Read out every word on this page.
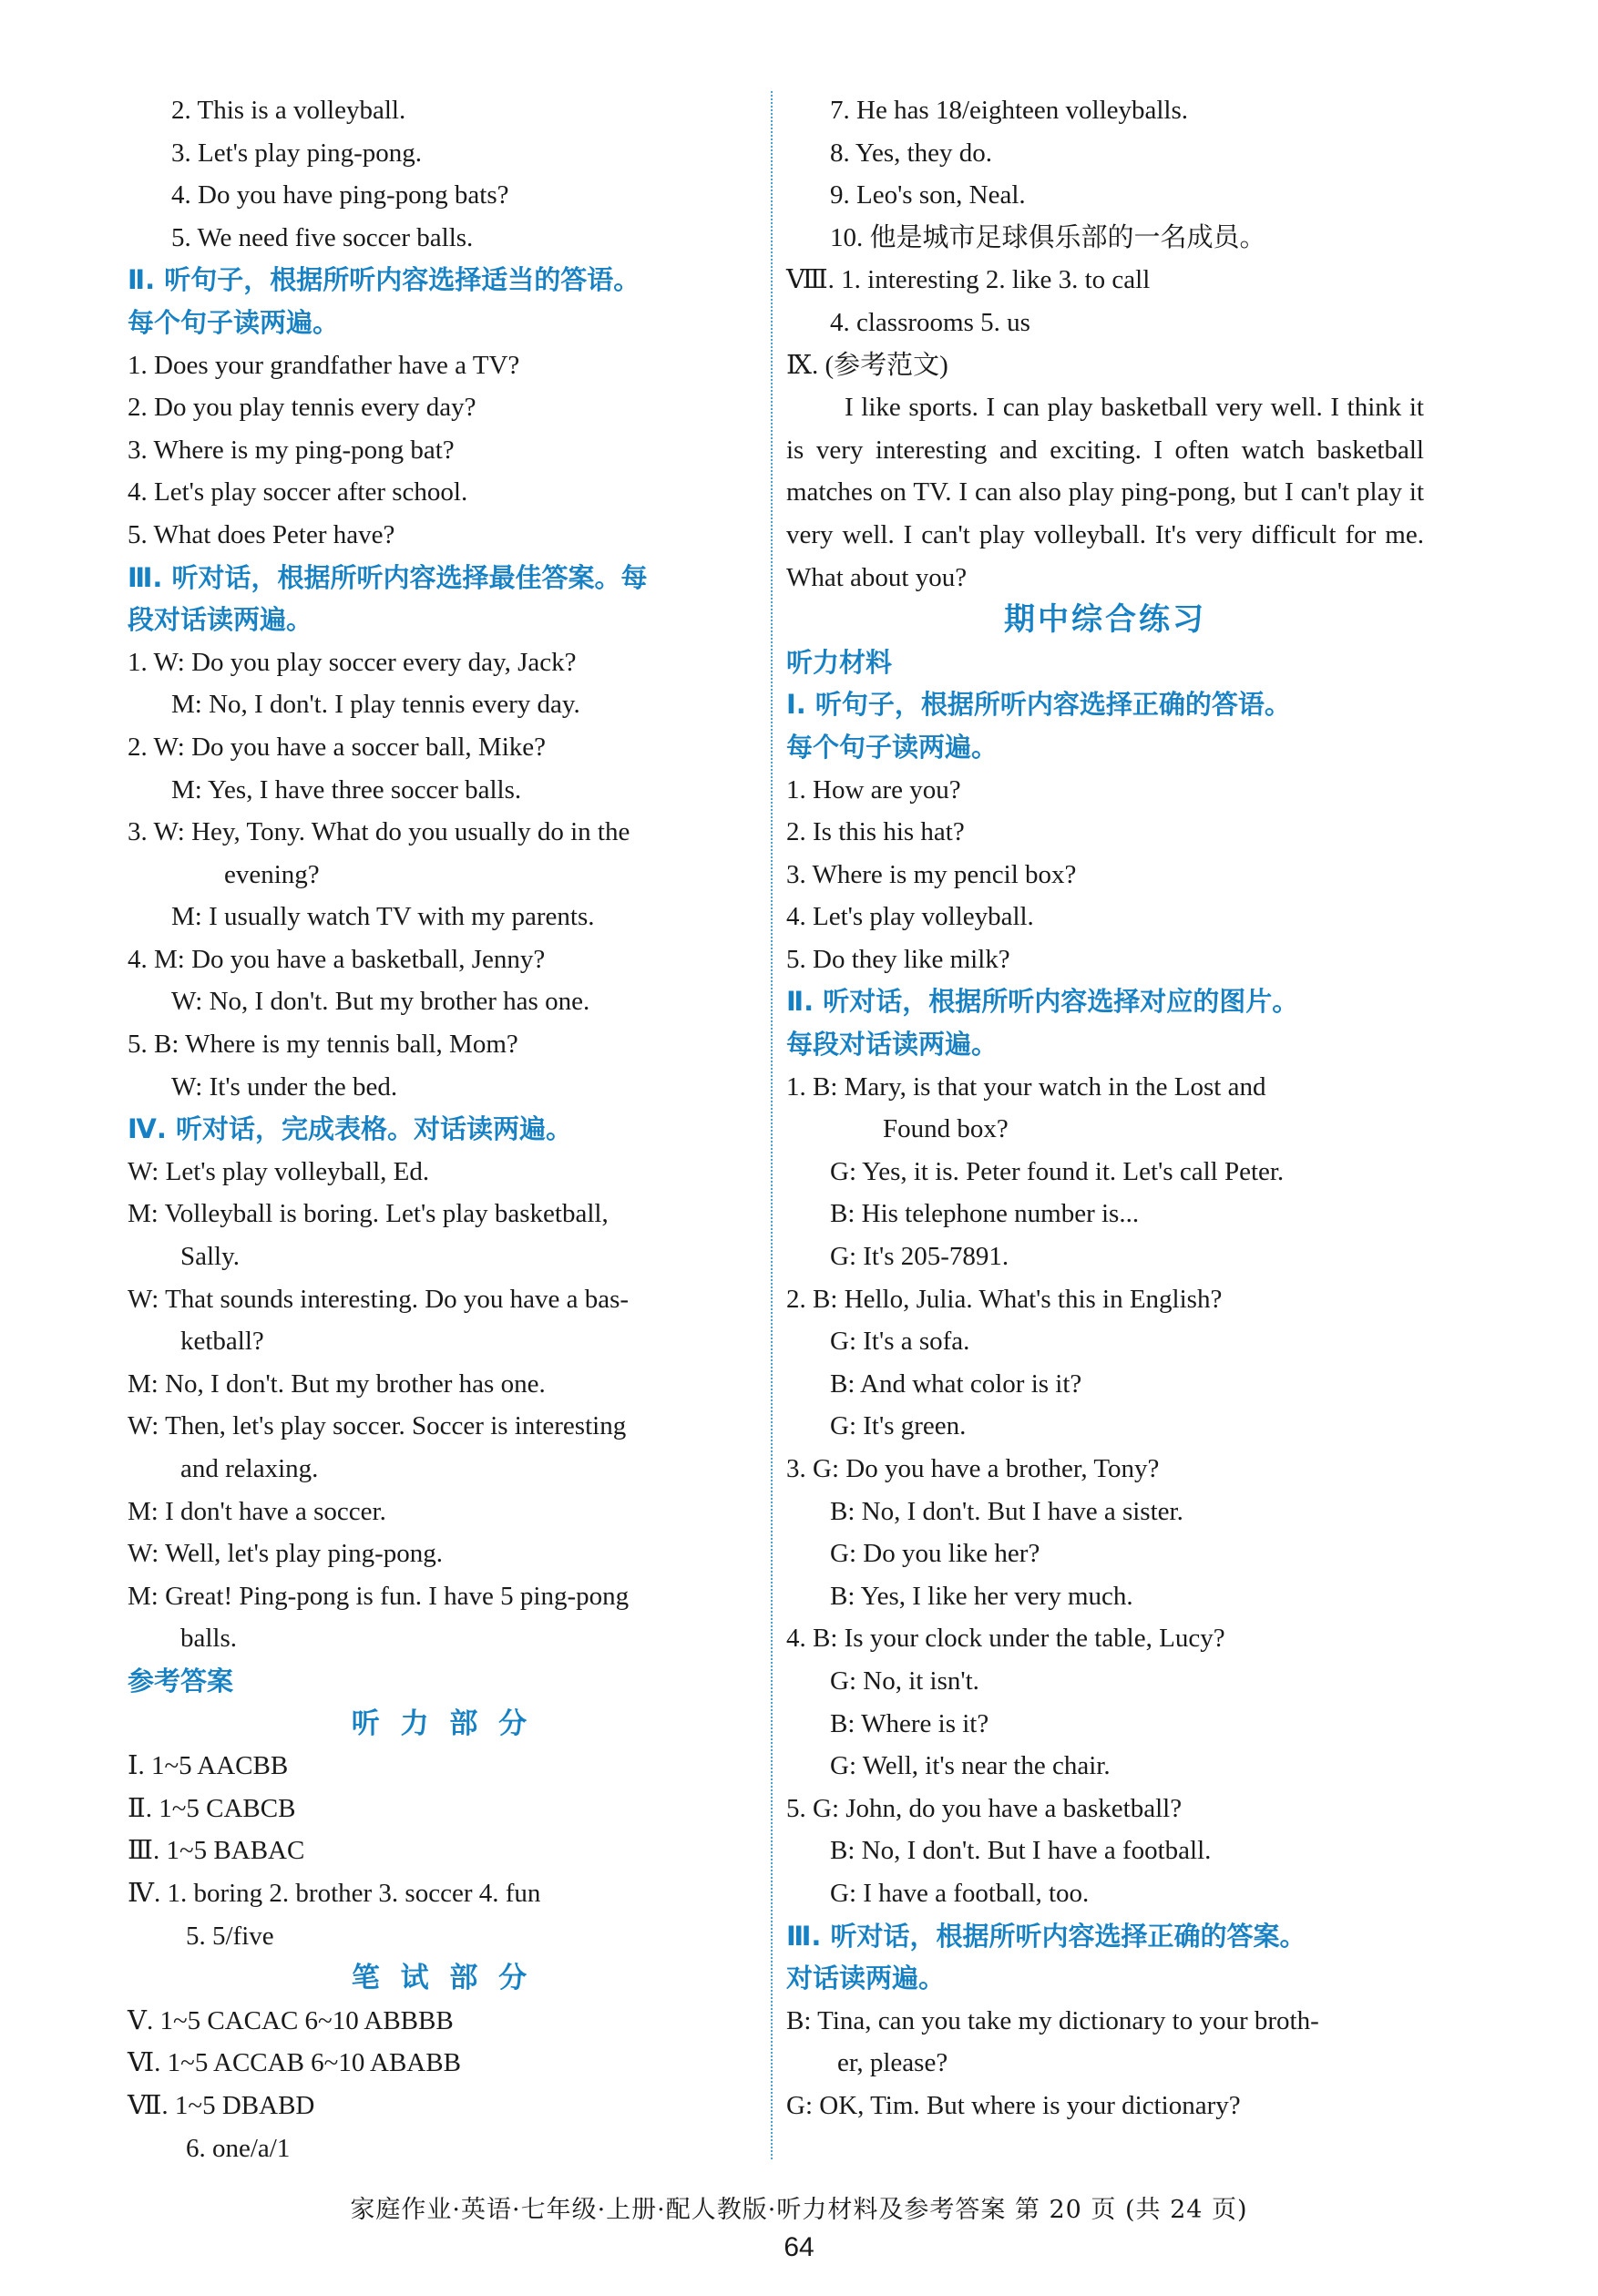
2. This is a volleyball.
3. Let's play ping-pong.
4. Do you have ping-pong bats?
5. We need five soccer balls.
Ⅱ. 听句子，根据所听内容选择适当的答语。
每个句子读两遍。
1. Does your grandfather have a TV?
2. Do you play tennis every day?
3. Where is my ping-pong bat?
4. Let's play soccer after school.
5. What does Peter have?
Ⅲ. 听对话，根据所听内容选择最佳答案。每
段对话读两遍。
1. W: Do you play soccer every day, Jack?
M: No, I don't. I play tennis every day.
2. W: Do you have a soccer ball, Mike?
M: Yes, I have three soccer balls.
3. W: Hey, Tony. What do you usually do in the
evening?
M: I usually watch TV with my parents.
4. M: Do you have a basketball, Jenny?
W: No, I don't. But my brother has one.
5. B: Where is my tennis ball, Mom?
W: It's under the bed.
Ⅳ. 听对话，完成表格。对话读两遍。
W: Let's play volleyball, Ed.
M: Volleyball is boring. Let's play basketball,
Sally.
W: That sounds interesting. Do you have a bas-
ketball?
M: No, I don't. But my brother has one.
W: Then, let's play soccer. Soccer is interesting
and relaxing.
M: I don't have a soccer.
W: Well, let's play ping-pong.
M: Great! Ping-pong is fun. I have 5 ping-pong
balls.
参考答案
听 力 部 分
Ⅰ. 1~5 AACBB
Ⅱ. 1~5 CABCB
Ⅲ. 1~5 BABAC
Ⅳ. 1. boring 2. brother 3. soccer 4. fun
5. 5/five
笔 试 部 分
Ⅴ. 1~5 CACAC 6~10 ABBBB
Ⅵ. 1~5 ACCAB 6~10 ABABB
Ⅶ. 1~5 DBABD
6. one/a/1
7. He has 18/eighteen volleyballs.
8. Yes, they do.
9. Leo's son, Neal.
10. 他是城市足球俱乐部的一名成员。
Ⅷ. 1. interesting 2. like 3. to call
4. classrooms 5. us
Ⅸ. (参考范文)
I like sports. I can play basketball very well. I think it is very interesting and exciting. I often watch basketball matches on TV. I can also play ping-pong, but I can't play it very well. I can't play volleyball. It's very difficult for me. What about you?
期中综合练习
听力材料
Ⅰ. 听句子，根据所听内容选择正确的答语。
每个句子读两遍。
1. How are you?
2. Is this his hat?
3. Where is my pencil box?
4. Let's play volleyball.
5. Do they like milk?
Ⅱ. 听对话，根据所听内容选择对应的图片。
每段对话读两遍。
1. B: Mary, is that your watch in the Lost and
Found box?
G: Yes, it is. Peter found it. Let's call Peter.
B: His telephone number is...
G: It's 205-7891.
2. B: Hello, Julia. What's this in English?
G: It's a sofa.
B: And what color is it?
G: It's green.
3. G: Do you have a brother, Tony?
B: No, I don't. But I have a sister.
G: Do you like her?
B: Yes, I like her very much.
4. B: Is your clock under the table, Lucy?
G: No, it isn't.
B: Where is it?
G: Well, it's near the chair.
5. G: John, do you have a basketball?
B: No, I don't. But I have a football.
G: I have a football, too.
Ⅲ. 听对话，根据所听内容选择正确的答案。
对话读两遍。
B: Tina, can you take my dictionary to your broth-
er, please?
G: OK, Tim. But where is your dictionary?
家庭作业·英语·七年级·上册·配人教版·听力材料及参考答案 第 20 页 (共 24 页)
64
